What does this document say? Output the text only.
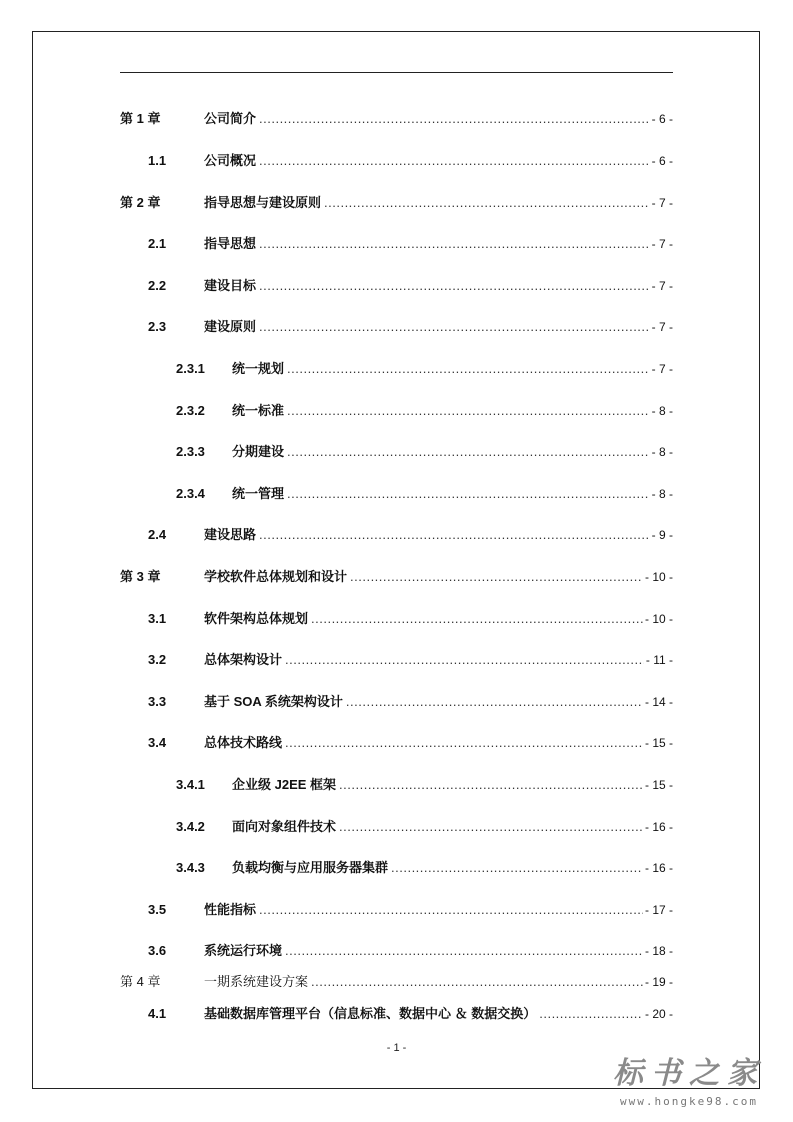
第 1 章	公司简介 .....	- 6 -
1.1	公司概况 .....	- 6 -
第 2 章	指导思想与建设原则 .....	- 7 -
2.1	指导思想 .....	- 7 -
2.2	建设目标 .....	- 7 -
2.3	建设原则 .....	- 7 -
2.3.1	统一规划 .....	- 7 -
2.3.2	统一标准 .....	- 8 -
2.3.3	分期建设 .....	- 8 -
2.3.4	统一管理 .....	- 8 -
2.4	建设思路 .....	- 9 -
第 3 章	学校软件总体规划和设计 .....	- 10 -
3.1	软件架构总体规划 .....	- 10 -
3.2	总体架构设计 .....	- 11 -
3.3	基于 SOA 系统架构设计 .....	- 14 -
3.4	总体技术路线 .....	- 15 -
3.4.1	企业级 J2EE 框架 .....	- 15 -
3.4.2	面向对象组件技术 .....	- 16 -
3.4.3	负载均衡与应用服务器集群 .....	- 16 -
3.5	性能指标 .....	- 17 -
3.6	系统运行环境 .....	- 18 -
第 4 章	一期系统建设方案 .....	- 19 -
4.1	基础数据库管理平台（信息标准、数据中心 ＆ 数据交换） .....	- 20 -
- 1 -
标书之家
www.hongke98.com
